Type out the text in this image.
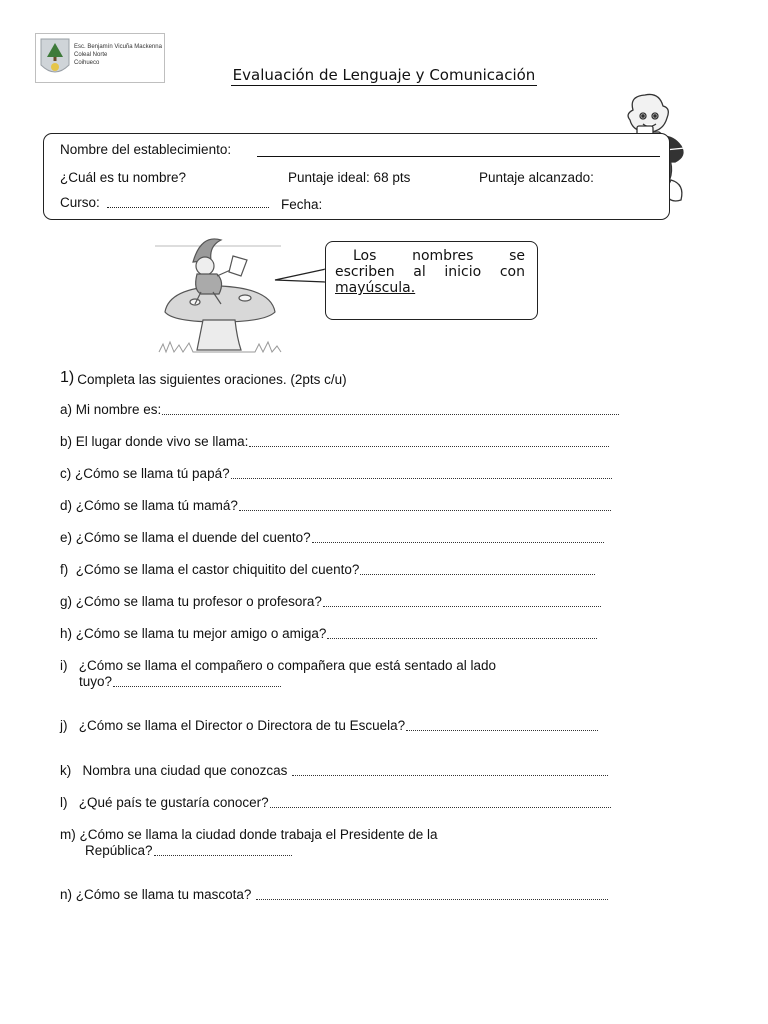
Esc. Benjamín Vicuña Mackenna
Coleal Norte
Coihueco
Evaluación de Lenguaje y Comunicación
Nombre del establecimiento:
¿Cuál es tu nombre?	Puntaje ideal: 68 pts	Puntaje alcanzado:
Curso:	Fecha:
Los	nombres	se
escriben al inicio con
mayúscula.
1) Completa las siguientes oraciones. (2pts c/u)
a)
Mi nombre es:
b)
El lugar donde vivo se llama:
c)
¿Cómo se llama tú papá?
d)
¿Cómo se llama tú mamá?
e)
¿Cómo se llama el duende del cuento?
f)
¿Cómo se llama el castor chiquitito del cuento?
g)
¿Cómo se llama tu profesor o profesora?
h)
¿Cómo se llama tu mejor amigo o amiga?
i)
¿Cómo se llama el compañero o compañera que está sentado al lado
tuyo?
j)
¿Cómo se llama el Director o Directora de tu Escuela?
k)
Nombra una ciudad que conozcas

l)
¿Qué país te gustaría conocer?
m)
¿Cómo se llama la ciudad donde trabaja el Presidente de la
República?
n)
¿Cómo se llama tu mascota?
